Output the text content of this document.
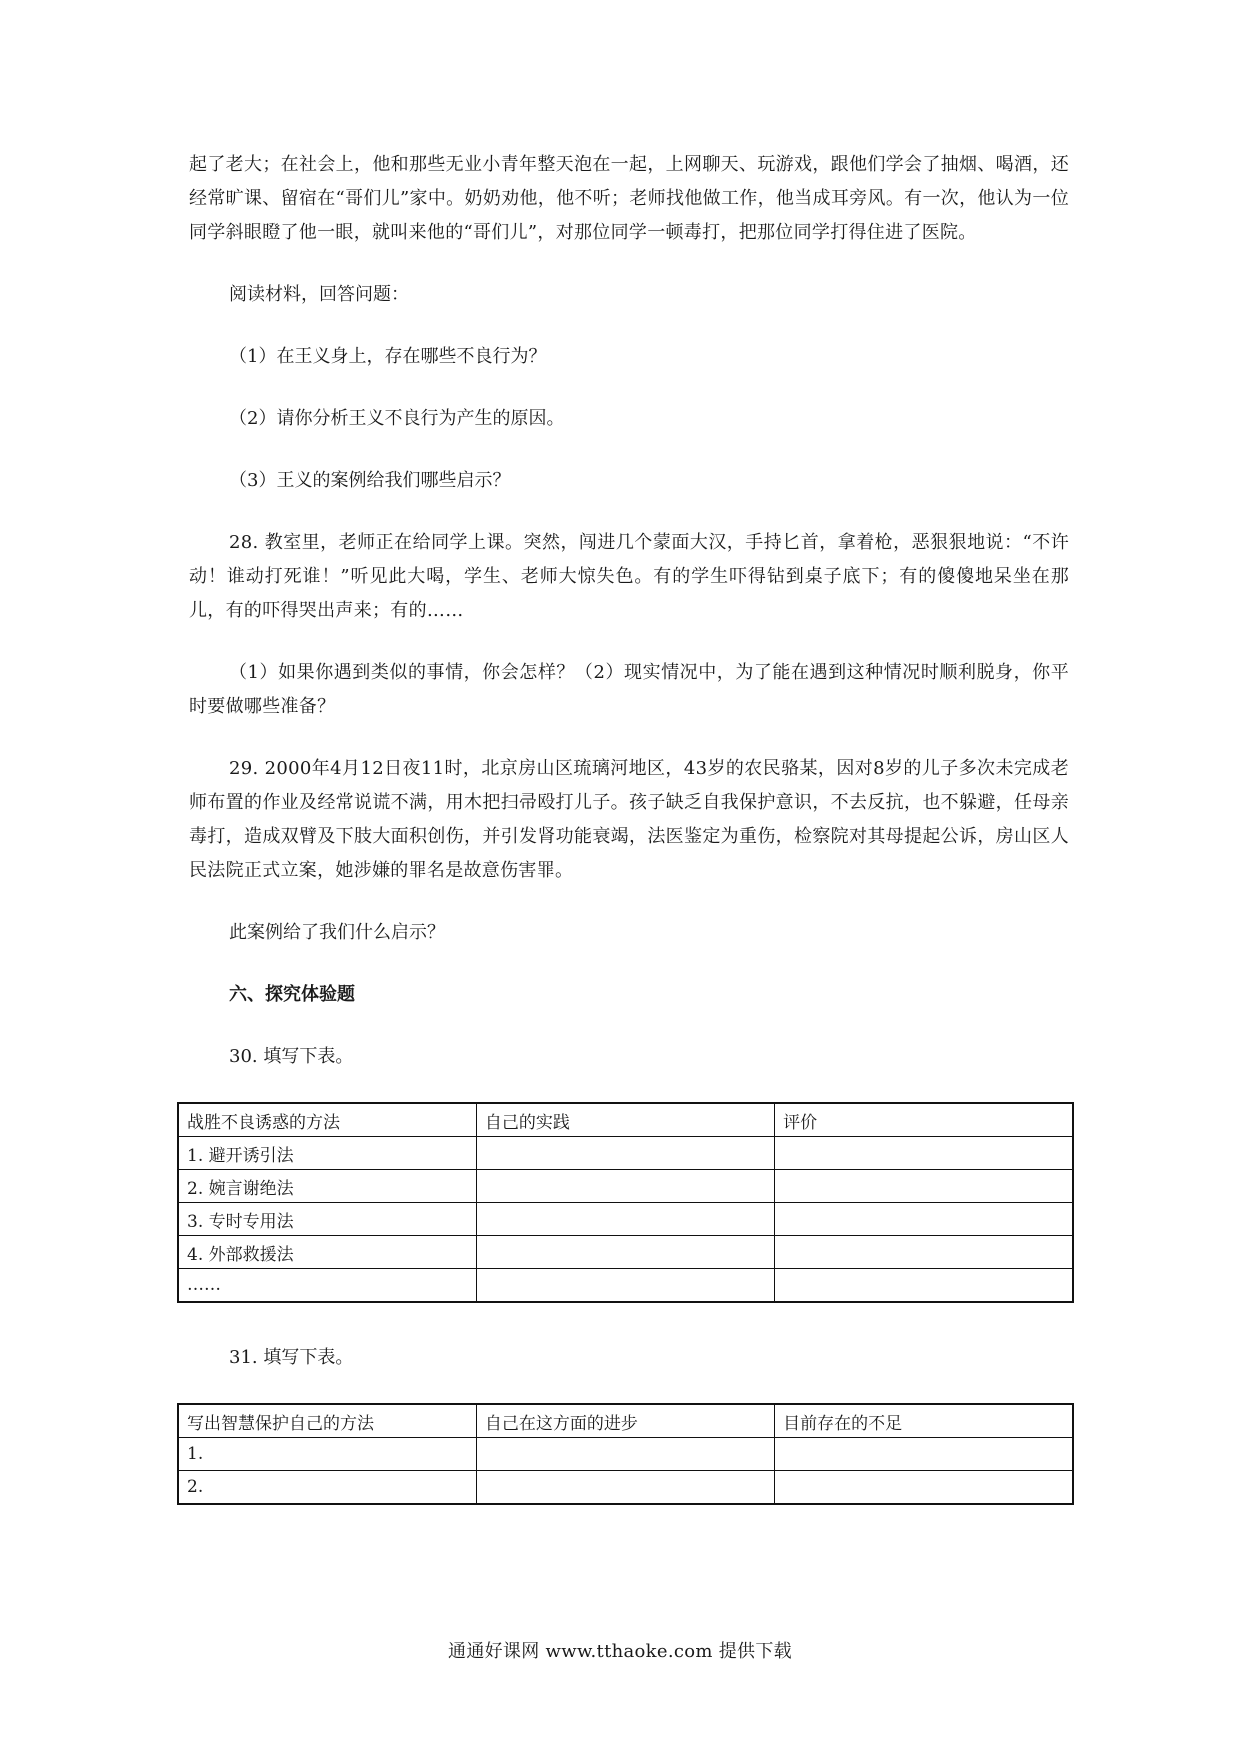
起了老大；在社会上，他和那些无业小青年整天泡在一起，上网聊天、玩游戏，跟他们学会了抽烟、喝酒，还经常旷课、留宿在“哥们儿”家中。奶奶劝他，他不听；老师找他做工作，他当成耳旁风。有一次，他认为一位同学斜眼瞪了他一眼，就叫来他的“哥们儿”，对那位同学一顿毒打，把那位同学打得住进了医院。

阅读材料，回答问题：

（1）在王义身上，存在哪些不良行为？

（2）请你分析王义不良行为产生的原因。

（3）王义的案例给我们哪些启示？

28. 教室里，老师正在给同学上课。突然，闯进几个蒙面大汉，手持匕首，拿着枪，恶狠狠地说：“不许动！谁动打死谁！”听见此大喝，学生、老师大惊失色。有的学生吓得钻到桌子底下；有的傻傻地呆坐在那儿，有的吓得哭出声来；有的……

（1）如果你遇到类似的事情，你会怎样？（2）现实情况中，为了能在遇到这种情况时顺利脱身，你平时要做哪些准备？

29. 2000年4月12日夜11时，北京房山区琉璃河地区，43岁的农民骆某，因对8岁的儿子多次未完成老师布置的作业及经常说谎不满，用木把扫帚殴打儿子。孩子缺乏自我保护意识，不去反抗，也不躲避，任母亲毒打，造成双臂及下肢大面积创伤，并引发肾功能衰竭，法医鉴定为重伤，检察院对其母提起公诉，房山区人民法院正式立案，她涉嫌的罪名是故意伤害罪。

此案例给了我们什么启示？

六、探究体验题

30. 填写下表。

战胜不良诱惑的方法	自己的实践	评价
1. 避开诱引法		
2. 婉言谢绝法		
3. 专时专用法		
4. 外部救援法		
……		

31. 填写下表。

写出智慧保护自己的方法	自己在这方面的进步	目前存在的不足
1.		
2.		
通通好课网 www.tthaoke.com 提供下载
